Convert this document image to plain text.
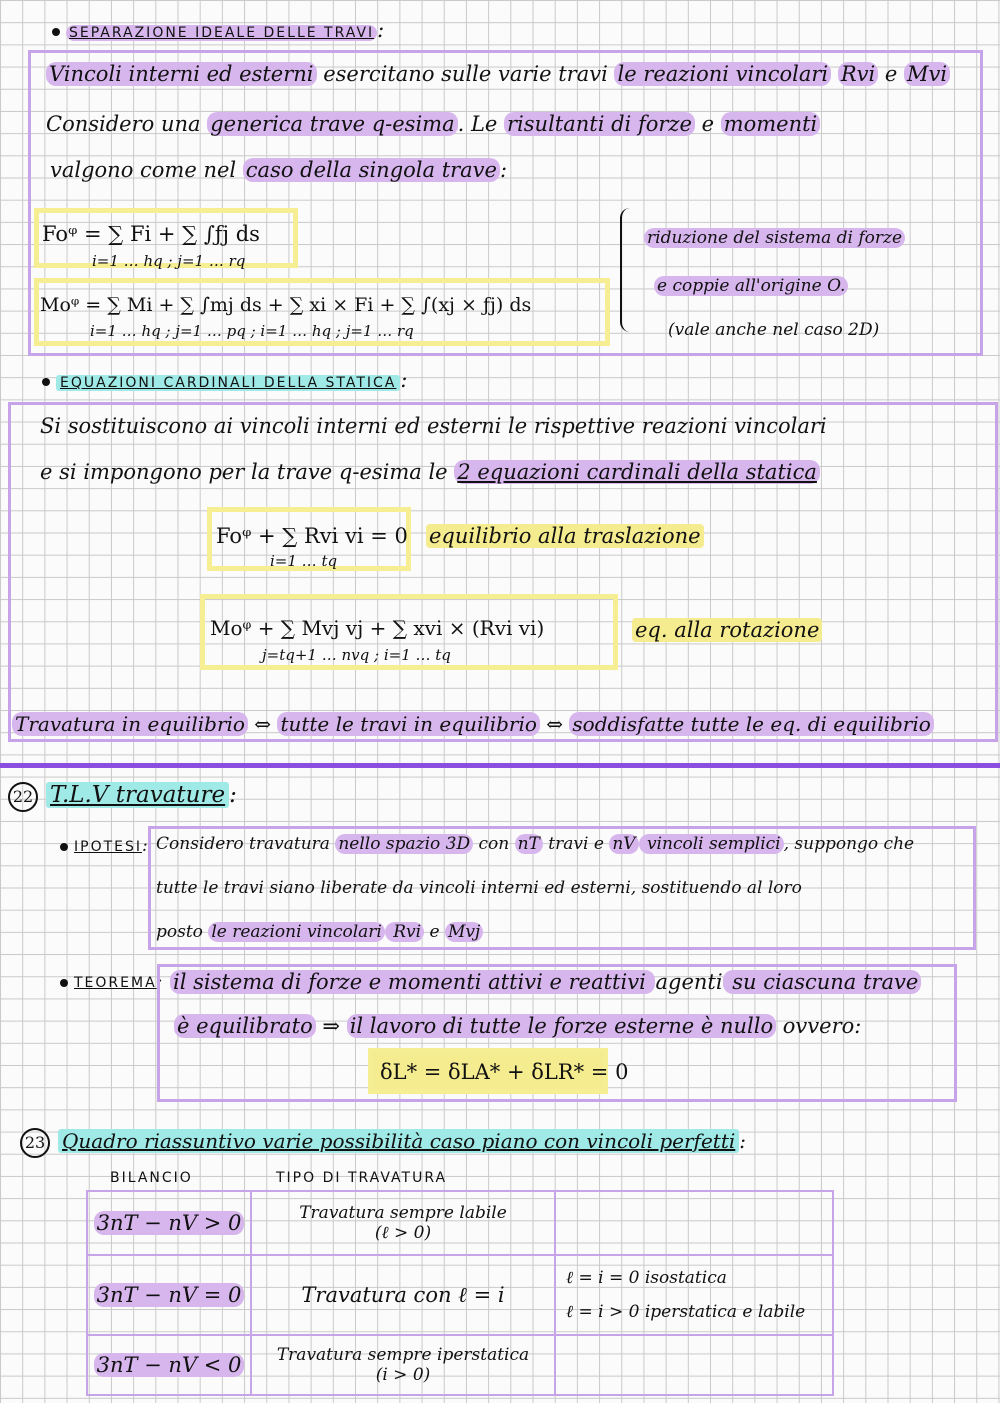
SEPARAZIONE IDEALE DELLE TRAVI :
Vincoli interni ed esterni esercitano sulle varie travi le reazioni vincolari Rvi e Mvi
Considero una generica trave q-esima . Le risultanti di forze e momenti
valgono come nel caso della singola trave :
Foᵠ = ∑ Fi + ∑ ∫ƒj ds
i=1 … hq ; j=1 … rq
Moᵠ = ∑ Mi + ∑ ∫mj ds + ∑ xi × Fi + ∑ ∫(xj × ƒj) ds
i=1 … hq ; j=1 … pq ; i=1 … hq ; j=1 … rq
riduzione del sistema di forze
e coppie all'origine O.
(vale anche nel caso 2D)
EQUAZIONI CARDINALI DELLA STATICA :
Si sostituiscono ai vincoli interni ed esterni le rispettive reazioni vincolari
e si impongono per la trave q-esima le 2 equazioni cardinali della statica
Foᵠ + ∑ Rvi vi = 0
i=1 … tq
equilibrio alla traslazione
Moᵠ + ∑ Mvj vj + ∑ xvi × (Rvi vi)
j=tq+1 … nvq ; i=1 … tq
eq. alla rotazione
Travatura in equilibrio ⇔ tutte le travi in equilibrio ⇔ soddisfatte tutte le eq. di equilibrio
22 T.L.V travature :
IPOTESI: Considero travatura nello spazio 3D con nT travi e nV vincoli semplici , suppongo che
tutte le travi siano liberate da vincoli interni ed esterni, sostituendo al loro
posto le reazioni vincolari Rvi e Mvj
TEOREMA: il sistema di forze e momenti attivi e reattivi agenti su ciascuna trave
è equilibrato ⇒ il lavoro di tutte le forze esterne è nullo ovvero:
δL* = δLA* + δLR* = 0
23 Quadro riassuntivo varie possibilità caso piano con vincoli perfetti :
BILANCIO	TIPO DI TRAVATURA
3nT − nV > 0	Travatura sempre labile
(ℓ > 0)	

3nT − nV = 0	Travatura con ℓ = i	ℓ = i = 0 isostatica
ℓ = i > 0 iperstatica e labile

3nT − nV < 0	Travatura sempre iperstatica
(i > 0)	
